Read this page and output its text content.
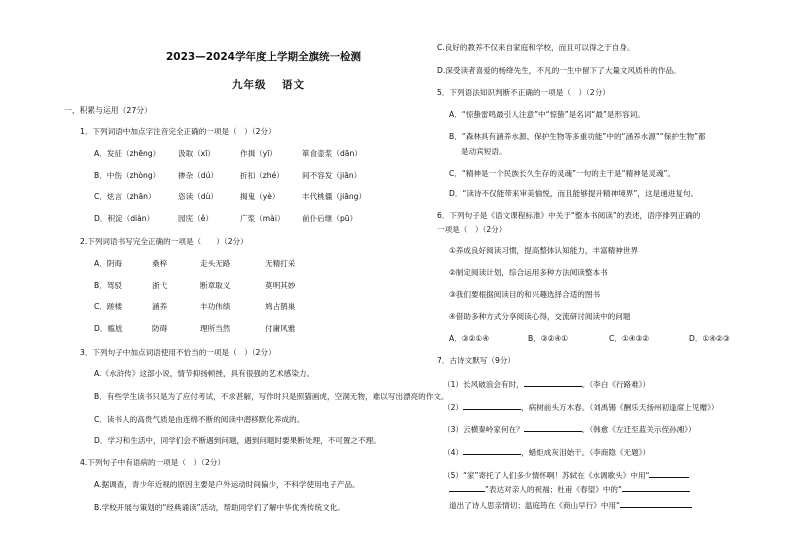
2023—2024学年度上学期全旗统一检测
九年级 语文
一、积累与运用（27分）
1．下列词语中加点字注音完全正确的一项是（　）（2分）
A．发征（zhēng） 汲取（xī）	作揖（yī）	箪食壶浆（dān）
B．中伤（zhòng） 掺杂（dú）	折扣（zhé） 间不容发（jiān）
C．炫言（zhān）	恣读（dù）	揭鬼（yè）	丰代桃僵（jiāng）
D．积淀（diàn）	园庑（ě）	广浆（mài） 前仆后继（pū）
2.下列词语书写完全正确的一项是（　　）（2分）
A．阴诲	桑梓	走头无路	无精打采
B．驾驳	浙弋	断章取义	莫明其妙
C．蹉楼	涵养	丰功伟绩	鸠占鹊巢
D．尴尬	防碍	理所当然	付庸风雅
3．下列句子中加点词语使用不恰当的一项是（　）（2分）
A.《水浒传》这部小说，情节抑扬顿挫，具有很强的艺术感染力。
B．有些学生读书只是为了应付考试，不求甚解，写作时只是照猫画虎，空洞无物，难以写出漂亮的作文。
C．读书人的高贵气质是由连绵不断的阅读中潜移默化养成的。
D．学习和生活中，同学们会不断遇到问题，遇到问题时要果断处理，不可置之不理。
4.下列句子中有语病的一项是（　）（2分）
A.据调查，青少年近视的原因主要是户外运动时间偏少，不科学使用电子产品。
B.学校开展与策划的“经典诵读”活动，帮助同学们了解中华优秀传统文化。
C.良好的教养不仅来自家庭和学校，而且可以得之于自身。
D.深受读者喜爱的杨绛先生，不凡的一生中留下了大量文风质朴的作品。
5．下列语法知识判断不正确的一项是（　）（2分）
A．“惊蛰雷鸣最引人注意”中“惊蛰”是名词“最”是形容词。
B．“森林具有涵养水源、保护生物等多重功能”中的“涵养水源”“保护生物”都
是动宾短语。
C．“精神是一个民族长久生存的灵魂”一句的主干是“精神是灵魂”。
D．“读诗不仅能带来审美愉悦，而且能够提升精神境界”，这是递进复句。
6．下列句子是《语文课程标准》中关于“整本书阅读”的表述，语序排列正确的
一项是（　）（2分）
①养成良好阅读习惯，提高整体认知能力，丰富精神世界
②制定阅读计划，综合运用多种方法阅读整本书
③我们要根据阅读目的和兴趣选择合适的图书
④借助多种方式分享阅读心得，交流研讨阅读中的问题
A．③②①④	B．③②④①	C．①④③②	D．①④②③
7．古诗文默写（9分）
（1）长风破浪会有时，	。（李白《行路难》）
（2）	，病树前头万木春。（刘禹锡《酬乐天扬州初逢席上见赠》）
（3）云横秦岭家何在？	。（韩愈《左迁至蓝关示侄孙湘》）
（4）	，蜡炬成灰泪始干。（李商隐《无题》）
（5）“家”寄托了人们多少情怀啊！苏轼在《水调歌头》中用“
”表达对亲人的祝福；杜甫《春望》中的“
道出了诗人思亲情切；温庭筠在《商山早行》中用“
